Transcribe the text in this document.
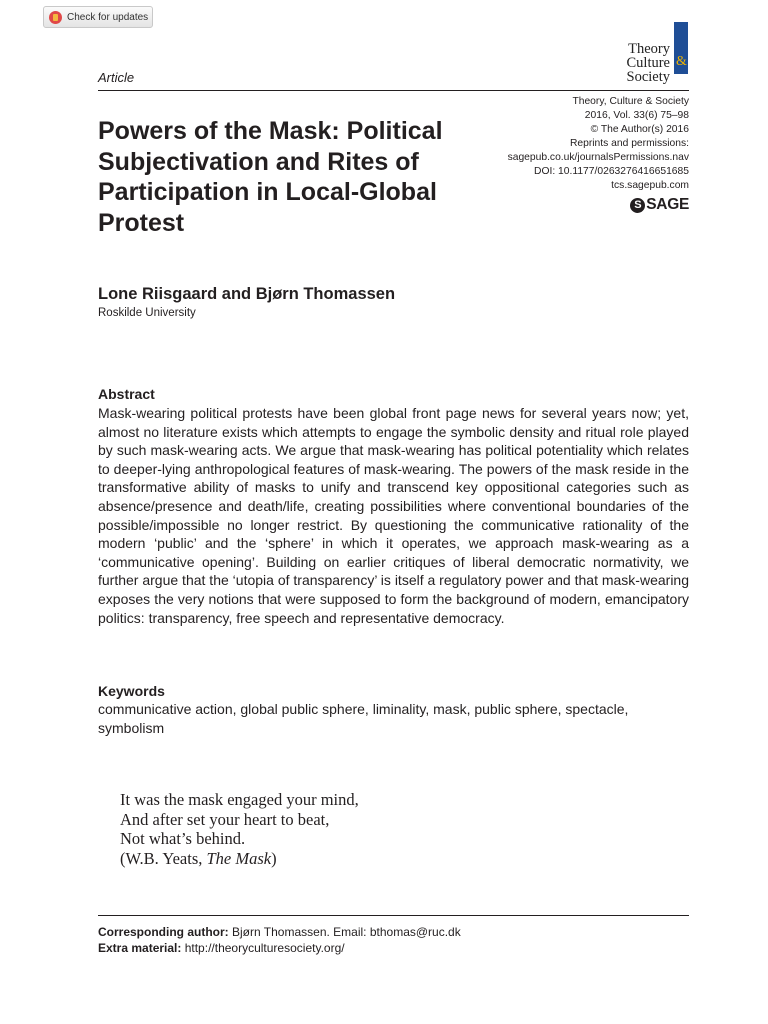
Check for updates
&
Theory
Culture
Society
Article
Theory, Culture & Society
2016, Vol. 33(6) 75–98
© The Author(s) 2016
Reprints and permissions:
sagepub.co.uk/journalsPermissions.nav
DOI: 10.1177/0263276416651685
tcs.sagepub.com
S SAGE
Powers of the Mask: Political Subjectivation and Rites of Participation in Local-Global Protest
Lone Riisgaard and Bjørn Thomassen
Roskilde University
Abstract

Mask-wearing political protests have been global front page news for several years now; yet, almost no literature exists which attempts to engage the symbolic density and ritual role played by such mask-wearing acts. We argue that mask-wearing has political potentiality which relates to deeper-lying anthropological features of mask-wearing. The powers of the mask reside in the transformative ability of masks to unify and transcend key oppositional categories such as absence/presence and death/life, creating possibilities where conventional boundaries of the possible/impossible no longer restrict. By questioning the communicative rationality of the modern ‘public’ and the ‘sphere’ in which it operates, we approach mask-wearing as a ‘communicative opening’. Building on earlier critiques of liberal democratic normativity, we further argue that the ‘utopia of transparency’ is itself a regulatory power and that mask-wearing exposes the very notions that were supposed to form the background of modern, emancipatory politics: transparency, free speech and representative democracy.

Keywords

communicative action, global public sphere, liminality, mask, public sphere, spectacle, symbolism

It was the mask engaged your mind,
And after set your heart to beat,
Not what’s behind.
(W.B. Yeats, The Mask)
Corresponding author: Bjørn Thomassen. Email: bthomas@ruc.dk
Extra material: http://theoryculturesociety.org/
